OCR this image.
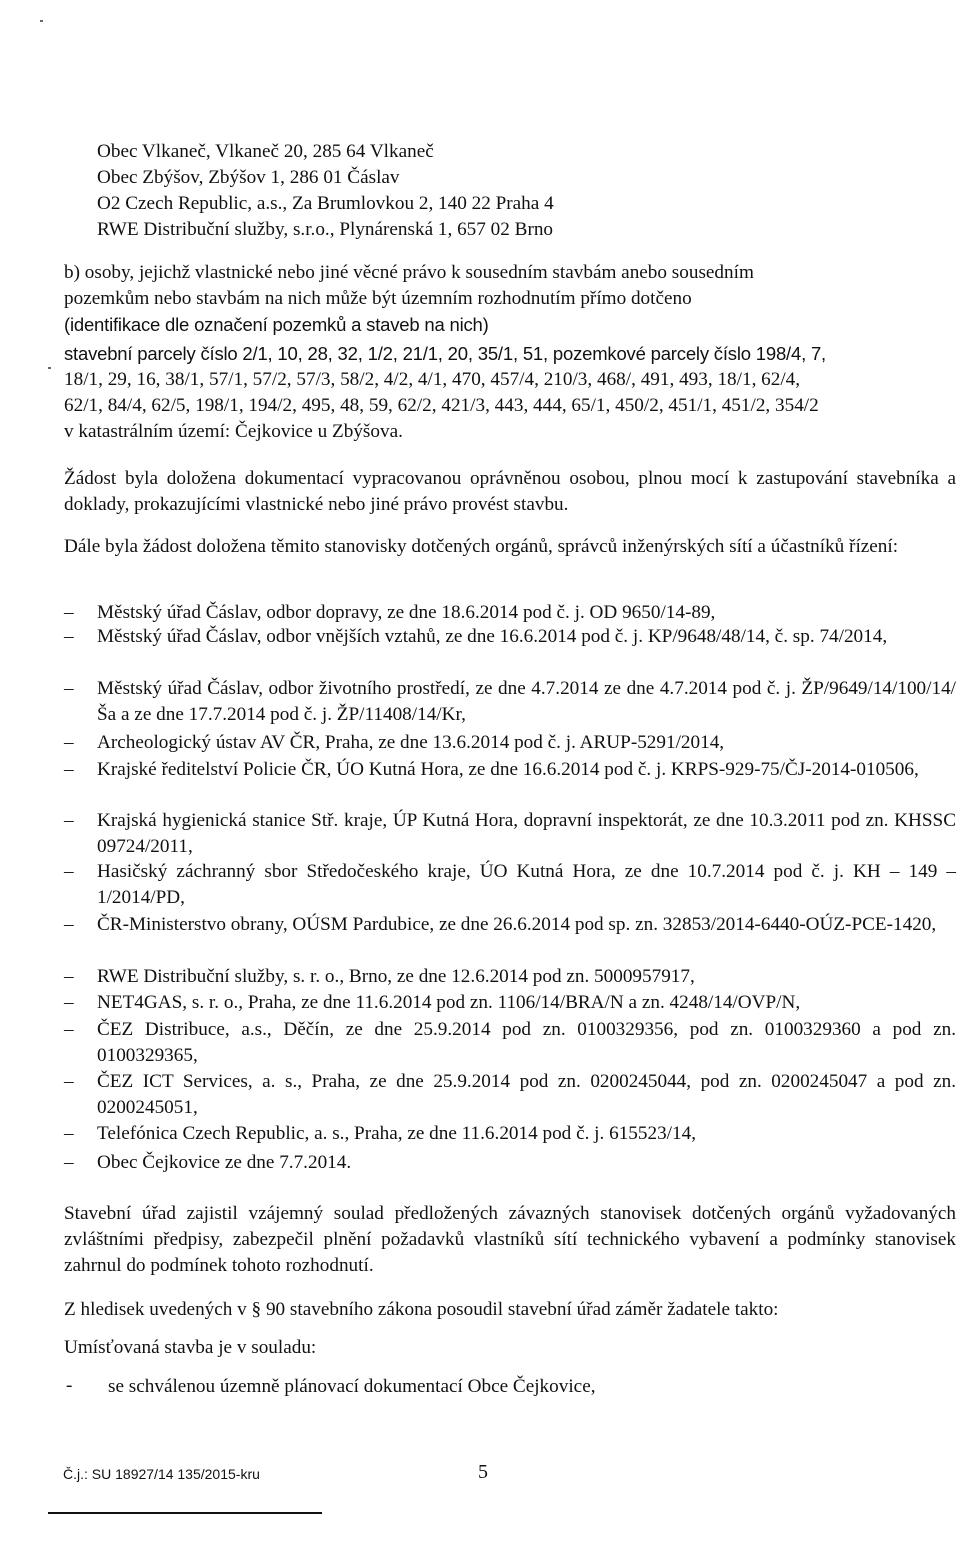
Obec Vlkaneč, Vlkaneč 20, 285 64 Vlkaneč
Obec Zbýšov, Zbýšov 1, 286 01 Čáslav
O2 Czech Republic, a.s., Za Brumlovkou 2, 140 22 Praha 4
RWE Distribuční služby, s.r.o., Plynárenská 1, 657 02 Brno
b) osoby, jejichž vlastnické nebo jiné věcné právo k sousedním stavbám anebo sousedním
pozemkům nebo stavbám na nich může být územním rozhodnutím přímo dotčeno
(identifikace dle označení pozemků a staveb na nich)
stavební parcely číslo 2/1, 10, 28, 32, 1/2, 21/1, 20, 35/1, 51, pozemkové parcely číslo 198/4, 7,
18/1, 29, 16, 38/1, 57/1, 57/2, 57/3, 58/2, 4/2, 4/1, 470, 457/4, 210/3, 468/, 491, 493, 18/1, 62/4,
62/1, 84/4, 62/5, 198/1, 194/2, 495, 48, 59, 62/2, 421/3, 443, 444, 65/1, 450/2, 451/1, 451/2, 354/2
v katastrálním území: Čejkovice u Zbýšova.
Žádost byla doložena dokumentací vypracovanou oprávněnou osobou, plnou mocí k zastupování stavebníka a doklady, prokazujícími vlastnické nebo jiné právo provést stavbu.
Dále byla žádost doložena těmito stanovisky dotčených orgánů, správců inženýrských sítí a účastníků řízení:
– Městský úřad Čáslav, odbor dopravy, ze dne 18.6.2014 pod č. j. OD 9650/14-89,
– Městský úřad Čáslav, odbor vnějších vztahů, ze dne 16.6.2014 pod č. j. KP/9648/48/14, č. sp. 74/2014,
– Městský úřad Čáslav, odbor životního prostředí, ze dne 4.7.2014 ze dne 4.7.2014 pod č. j. ŽP/9649/14/100/14/Ša a ze dne 17.7.2014 pod č. j. ŽP/11408/14/Kr,
– Archeologický ústav AV ČR, Praha, ze dne 13.6.2014 pod č. j. ARUP-5291/2014,
– Krajské ředitelství Policie ČR, ÚO Kutná Hora, ze dne 16.6.2014 pod č. j. KRPS-929-75/ČJ-2014-010506,
– Krajská hygienická stanice Stř. kraje, ÚP Kutná Hora, dopravní inspektorát, ze dne 10.3.2011 pod zn. KHSSC 09724/2011,
– Hasičský záchranný sbor Středočeského kraje, ÚO Kutná Hora, ze dne 10.7.2014 pod č. j. KH – 149 – 1/2014/PD,
– ČR-Ministerstvo obrany, OÚSM Pardubice, ze dne 26.6.2014 pod sp. zn. 32853/2014-6440-OÚZ-PCE-1420,
– RWE Distribuční služby, s. r. o., Brno, ze dne 12.6.2014 pod zn. 5000957917,
– NET4GAS, s. r. o., Praha, ze dne 11.6.2014 pod zn. 1106/14/BRA/N a zn. 4248/14/OVP/N,
– ČEZ Distribuce, a.s., Děčín, ze dne 25.9.2014 pod zn. 0100329356, pod zn. 0100329360 a pod zn. 0100329365,
– ČEZ ICT Services, a. s., Praha, ze dne 25.9.2014 pod zn. 0200245044, pod zn. 0200245047 a pod zn. 0200245051,
– Telefónica Czech Republic, a. s., Praha, ze dne 11.6.2014 pod č. j. 615523/14,
– Obec Čejkovice ze dne 7.7.2014.
Stavební úřad zajistil vzájemný soulad předložených závazných stanovisek dotčených orgánů vyžadovaných zvláštními předpisy, zabezpečil plnění požadavků vlastníků sítí technického vybavení a podmínky stanovisek zahrnul do podmínek tohoto rozhodnutí.
Z hledisek uvedených v § 90 stavebního zákona posoudil stavební úřad záměr žadatele takto:
Umísťovaná stavba je v souladu:
- se schválenou územně plánovací dokumentací Obce Čejkovice,
Č.j.: SU 18927/14 135/2015-kru	5
